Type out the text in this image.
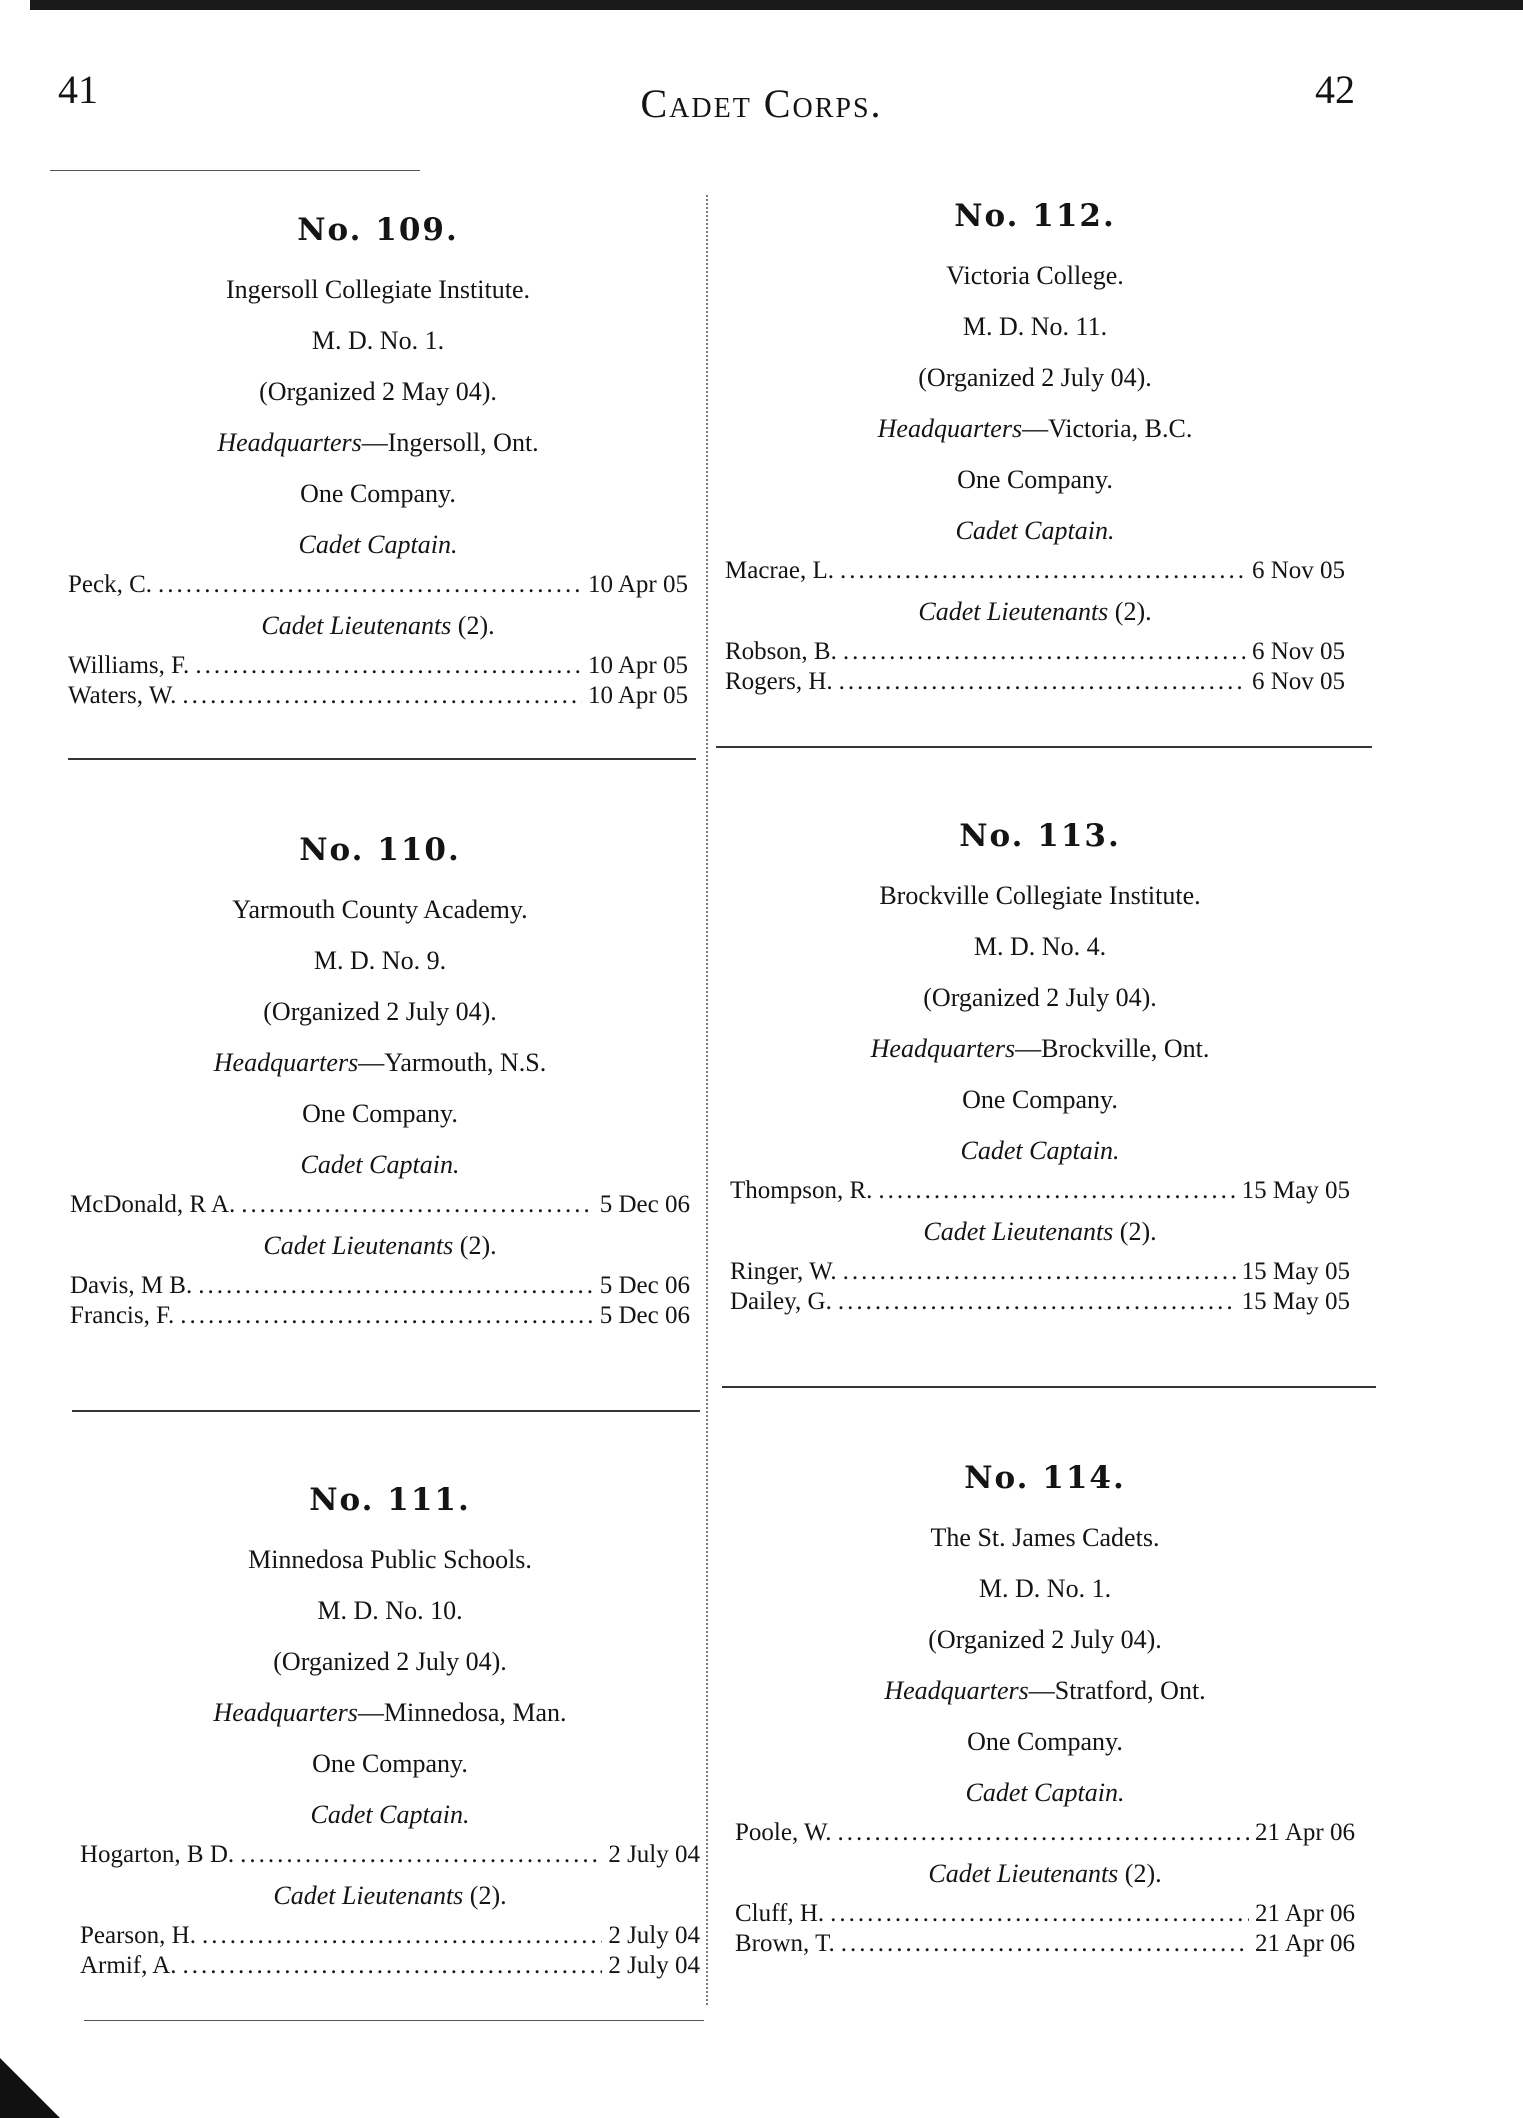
41	Cadet Corps.	42
No. 109.
Ingersoll Collegiate Institute.
M. D. No. 1.
(Organized 2 May 04).
Headquarters—Ingersoll, Ont.
One Company.
Cadet Captain.
Peck, C. .....	10 Apr 05
Cadet Lieutenants (2).
Williams, F. .....	10 Apr 05
Waters, W. .....	10 Apr 05
No. 112.
Victoria College.
M. D. No. 11.
(Organized 2 July 04).
Headquarters—Victoria, B.C.
One Company.
Cadet Captain.
Macrae, L. .....	6 Nov 05
Cadet Lieutenants (2).
Robson, B. .....	6 Nov 05
Rogers, H. .....	6 Nov 05
No. 110.
Yarmouth County Academy.
M. D. No. 9.
(Organized 2 July 04).
Headquarters—Yarmouth, N.S.
One Company.
Cadet Captain.
McDonald, R A. .....	5 Dec 06
Cadet Lieutenants (2).
Davis, M B. .....	5 Dec 06
Francis, F. .....	5 Dec 06
No. 113.
Brockville Collegiate Institute.
M. D. No. 4.
(Organized 2 July 04).
Headquarters—Brockville, Ont.
One Company.
Cadet Captain.
Thompson, R. .....	15 May 05
Cadet Lieutenants (2).
Ringer, W. .....	15 May 05
Dailey, G. .....	15 May 05
No. 111.
Minnedosa Public Schools.
M. D. No. 10.
(Organized 2 July 04).
Headquarters—Minnedosa, Man.
One Company.
Cadet Captain.
Hogarton, B D. .....	2 July 04
Cadet Lieutenants (2).
Pearson, H. .....	2 July 04
Armif, A. .....	2 July 04
No. 114.
The St. James Cadets.
M. D. No. 1.
(Organized 2 July 04).
Headquarters—Stratford, Ont.
One Company.
Cadet Captain.
Poole, W. .....	21 Apr 06
Cadet Lieutenants (2).
Cluff, H. .....	21 Apr 06
Brown, T. .....	21 Apr 06
